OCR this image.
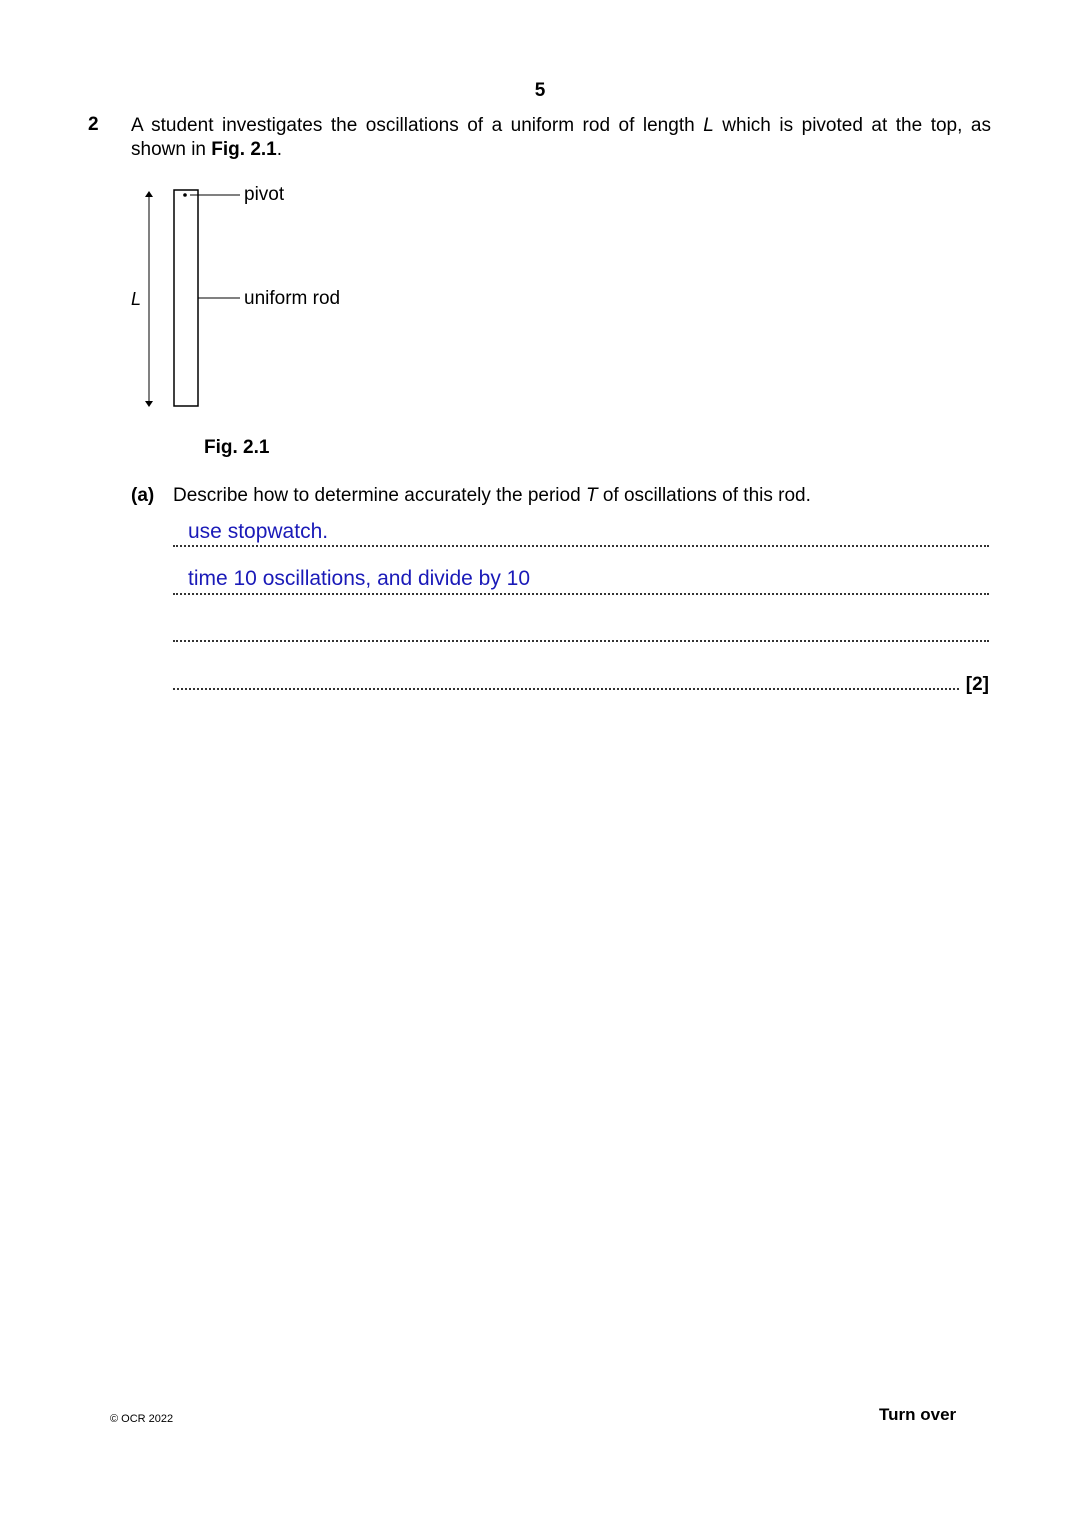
5
2 A student investigates the oscillations of a uniform rod of length L which is pivoted at the top, as shown in Fig. 2.1.
pivot
uniform rod
L
Fig. 2.1
(a) Describe how to determine accurately the period T of oscillations of this rod.
use stopwatch.
time 10 oscillations, and divide by 10
[2]
© OCR 2022	Turn over
